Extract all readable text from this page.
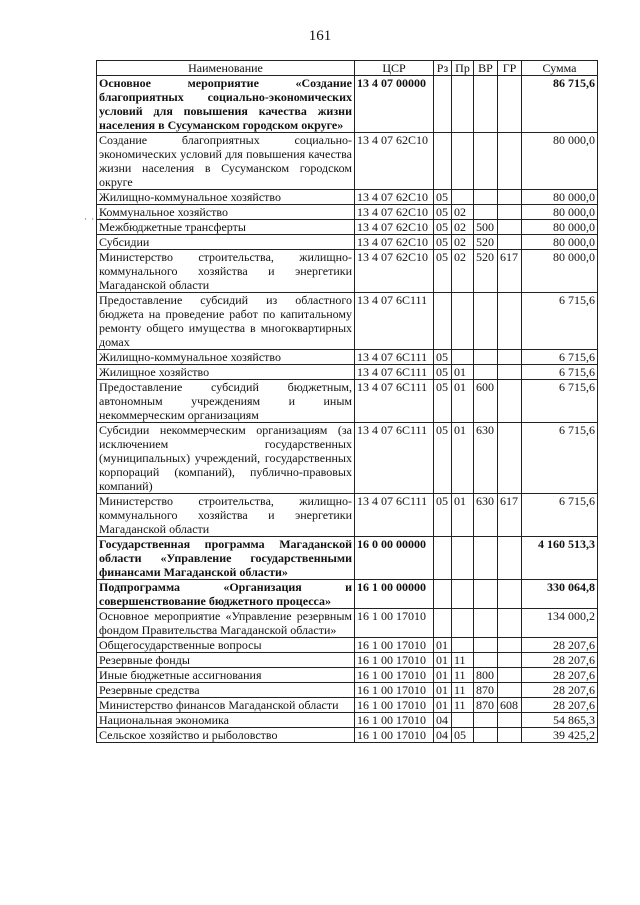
161
· · · · ·
Наименование	ЦСР	Рз	Пр	ВР	ГР	Сумма
Основное мероприятие «Создание благоприятных социально-экономических условий для повышения качества жизни населения в Сусуманском городском округе»	13 4 07 00000					86 715,6
Создание благоприятных социально-экономических условий для повышения качества жизни населения в Сусуманском городском округе	13 4 07 62С10					80 000,0
Жилищно-коммунальное хозяйство	13 4 07 62С10	05				80 000,0
Коммунальное хозяйство	13 4 07 62С10	05	02			80 000,0
Межбюджетные трансферты	13 4 07 62С10	05	02	500		80 000,0
Субсидии	13 4 07 62С10	05	02	520		80 000,0
Министерство строительства, жилищно-коммунального хозяйства и энергетики Магаданской области	13 4 07 62С10	05	02	520	617	80 000,0
Предоставление субсидий из областного бюджета на проведение работ по капитальному ремонту общего имущества в многоквартирных домах	13 4 07 6С111					6 715,6
Жилищно-коммунальное хозяйство	13 4 07 6С111	05				6 715,6
Жилищное хозяйство	13 4 07 6С111	05	01			6 715,6
Предоставление субсидий бюджетным, автономным учреждениям и иным некоммерческим организациям	13 4 07 6С111	05	01	600		6 715,6
Субсидии некоммерческим организациям (за исключением государственных (муниципальных) учреждений, государственных корпораций (компаний), публично-правовых компаний)	13 4 07 6С111	05	01	630		6 715,6
Министерство строительства, жилищно-коммунального хозяйства и энергетики Магаданской области	13 4 07 6С111	05	01	630	617	6 715,6
Государственная программа Магаданской области «Управление государственными финансами Магаданской области»	16 0 00 00000					4 160 513,3
Подпрограмма «Организация и совершенствование бюджетного процесса»	16 1 00 00000					330 064,8
Основное мероприятие «Управление резервным фондом Правительства Магаданской области»	16 1 00 17010					134 000,2
Общегосударственные вопросы	16 1 00 17010	01				28 207,6
Резервные фонды	16 1 00 17010	01	11			28 207,6
Иные бюджетные ассигнования	16 1 00 17010	01	11	800		28 207,6
Резервные средства	16 1 00 17010	01	11	870		28 207,6
Министерство финансов Магаданской области	16 1 00 17010	01	11	870	608	28 207,6
Национальная экономика	16 1 00 17010	04				54 865,3
Сельское хозяйство и рыболовство	16 1 00 17010	04	05			39 425,2
